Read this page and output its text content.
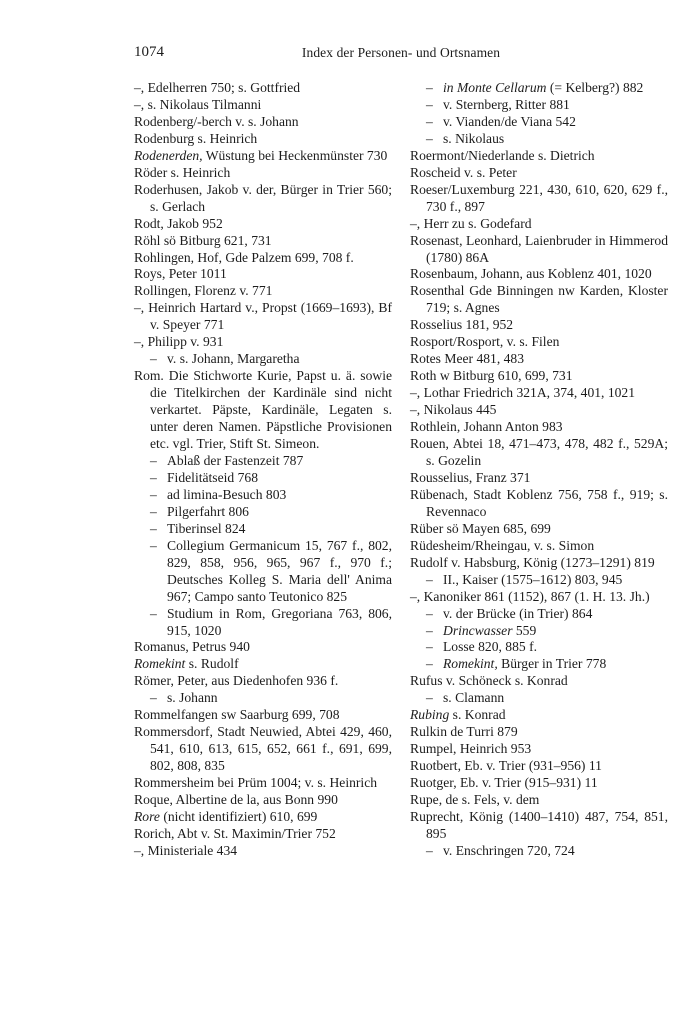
1074	Index der Personen- und Ortsnamen

–, Edelherren 750; s. Gottfried

–, s. Nikolaus Tilmanni

Rodenberg/-berch v. s. Johann

Rodenburg s. Heinrich

Rodenerden, Wüstung bei Heckenmünster 730

Röder s. Heinrich

Roderhusen, Jakob v. der, Bürger in Trier 560; s. Gerlach

Rodt, Jakob 952

Röhl sö Bitburg 621, 731

Rohlingen, Hof, Gde Palzem 699, 708 f.

Roys, Peter 1011

Rollingen, Florenz v. 771

–, Heinrich Hartard v., Propst (1669–1693), Bf v. Speyer 771

–, Philipp v. 931

– v. s. Johann, Margaretha

Rom. Die Stichworte Kurie, Papst u. ä. sowie die Titelkirchen der Kardinäle sind nicht verkartet. Päpste, Kardinäle, Legaten s. unter deren Namen. Päpstliche Provisionen etc. vgl. Trier, Stift St. Simeon.

– Ablaß der Fastenzeit 787

– Fidelitätseid 768

– ad limina-Besuch 803

– Pilgerfahrt 806

– Tiberinsel 824

– Collegium Germanicum 15, 767 f., 802, 829, 858, 956, 965, 967 f., 970 f.; Deutsches Kolleg S. Maria dell' Anima 967; Campo santo Teutonico 825

– Studium in Rom, Gregoriana 763, 806, 915, 1020

Romanus, Petrus 940

Romekint s. Rudolf

Römer, Peter, aus Diedenhofen 936 f.

– s. Johann

Rommelfangen sw Saarburg 699, 708

Rommersdorf, Stadt Neuwied, Abtei 429, 460, 541, 610, 613, 615, 652, 661 f., 691, 699, 802, 808, 835

Rommersheim bei Prüm 1004; v. s. Heinrich

Roque, Albertine de la, aus Bonn 990

Rore (nicht identifiziert) 610, 699

Rorich, Abt v. St. Maximin/Trier 752

–, Ministeriale 434

– in Monte Cellarum (= Kelberg?) 882

– v. Sternberg, Ritter 881

– v. Vianden/de Viana 542

– s. Nikolaus

Roermont/Niederlande s. Dietrich

Roscheid v. s. Peter

Roeser/Luxemburg 221, 430, 610, 620, 629 f., 730 f., 897

–, Herr zu s. Godefard

Rosenast, Leonhard, Laienbruder in Himmerod (1780) 86A

Rosenbaum, Johann, aus Koblenz 401, 1020

Rosenthal Gde Binningen nw Karden, Kloster 719; s. Agnes

Rosselius 181, 952

Rosport/Rosport, v. s. Filen

Rotes Meer 481, 483

Roth w Bitburg 610, 699, 731

–, Lothar Friedrich 321A, 374, 401, 1021

–, Nikolaus 445

Rothlein, Johann Anton 983

Rouen, Abtei 18, 471–473, 478, 482 f., 529A; s. Gozelin

Rousselius, Franz 371

Rübenach, Stadt Koblenz 756, 758 f., 919; s. Revennaco

Rüber sö Mayen 685, 699

Rüdesheim/Rheingau, v. s. Simon

Rudolf v. Habsburg, König (1273–1291) 819

– II., Kaiser (1575–1612) 803, 945

–, Kanoniker 861 (1152), 867 (1. H. 13. Jh.)

– v. der Brücke (in Trier) 864

– Drincwasser 559

– Losse 820, 885 f.

– Romekint, Bürger in Trier 778

Rufus v. Schöneck s. Konrad

– s. Clamann

Rubing s. Konrad

Rulkin de Turri 879

Rumpel, Heinrich 953

Ruotbert, Eb. v. Trier (931–956) 11

Ruotger, Eb. v. Trier (915–931) 11

Rupe, de s. Fels, v. dem

Ruprecht, König (1400–1410) 487, 754, 851, 895

– v. Enschringen 720, 724
